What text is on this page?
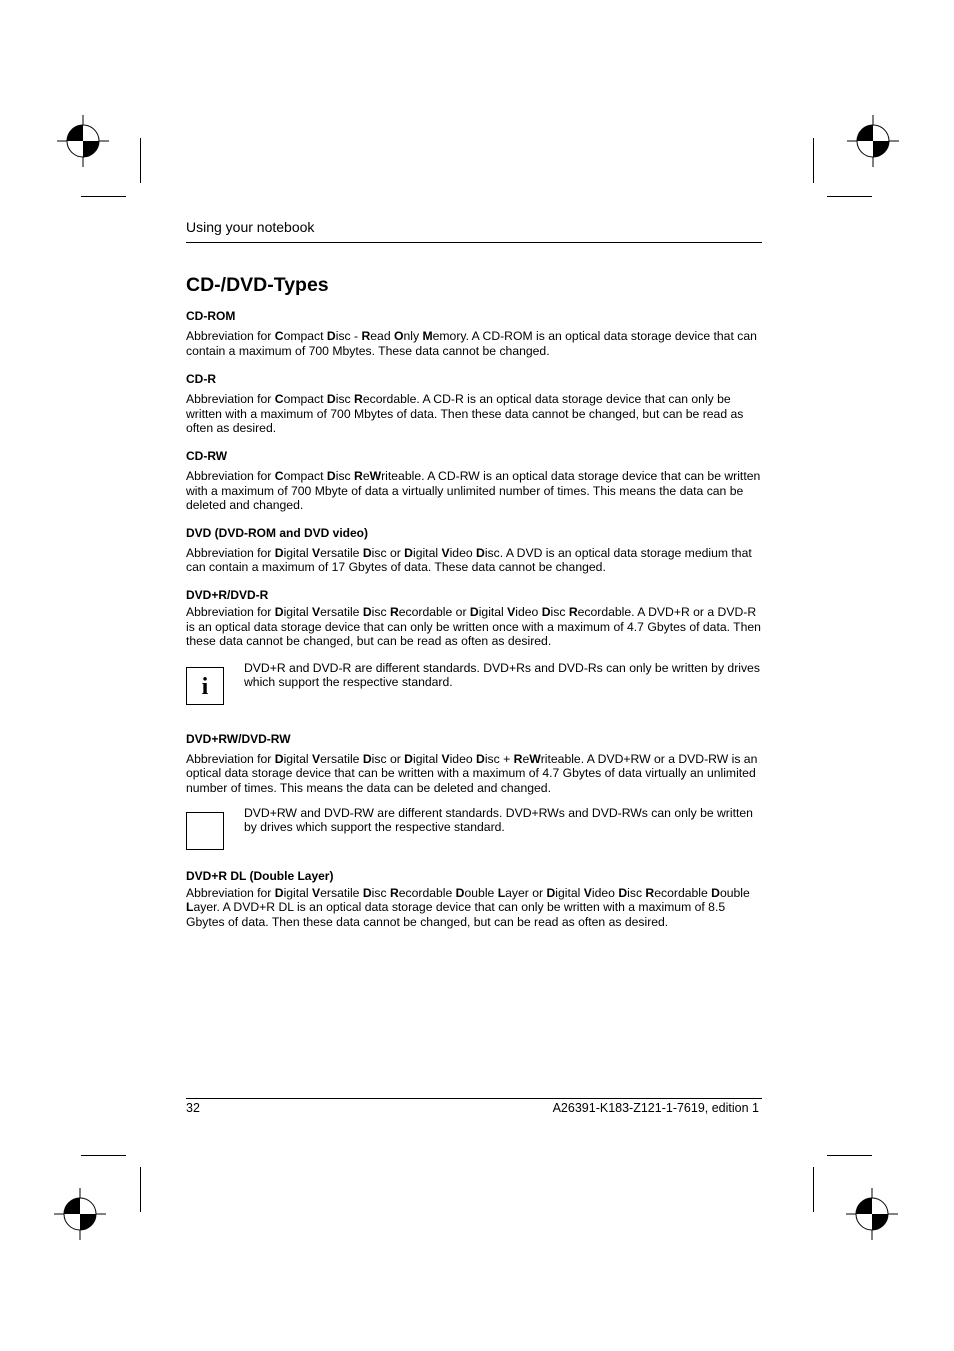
Using your notebook
CD-/DVD-Types
CD-ROM

Abbreviation for Compact Disc - Read Only Memory. A CD-ROM is an optical data storage device that can contain a maximum of 700 Mbytes. These data cannot be changed.

CD-R

Abbreviation for Compact Disc Recordable. A CD-R is an optical data storage device that can only be written with a maximum of 700 Mbytes of data. Then these data cannot be changed, but can be read as often as desired.

CD-RW

Abbreviation for Compact Disc ReWriteable. A CD-RW is an optical data storage device that can be written with a maximum of 700 Mbyte of data a virtually unlimited number of times. This means the data can be deleted and changed.

DVD (DVD-ROM and DVD video)

Abbreviation for Digital Versatile Disc or Digital Video Disc. A DVD is an optical data storage medium that can contain a maximum of 17 Gbytes of data. These data cannot be changed.

DVD+R/DVD-R

Abbreviation for Digital Versatile Disc Recordable or Digital Video Disc Recordable. A DVD+R or a DVD-R is an optical data storage device that can only be written once with a maximum of 4.7 Gbytes of data. Then these data cannot be changed, but can be read as often as desired.

i
DVD+R and DVD-R are different standards. DVD+Rs and DVD-Rs can only be written by drives which support the respective standard.
DVD+RW/DVD-RW

Abbreviation for Digital Versatile Disc or Digital Video Disc + ReWriteable. A DVD+RW or a DVD-RW is an optical data storage device that can be written with a maximum of 4.7 Gbytes of data virtually an unlimited number of times. This means the data can be deleted and changed.

DVD+RW and DVD-RW are different standards. DVD+RWs and DVD-RWs can only be written by drives which support the respective standard.
DVD+R DL (Double Layer)

Abbreviation for Digital Versatile Disc Recordable Double Layer or Digital Video Disc Recordable Double Layer. A DVD+R DL is an optical data storage device that can only be written with a maximum of 8.5 Gbytes of data. Then these data cannot be changed, but can be read as often as desired.

32	A26391-K183-Z121-1-7619, edition 1
